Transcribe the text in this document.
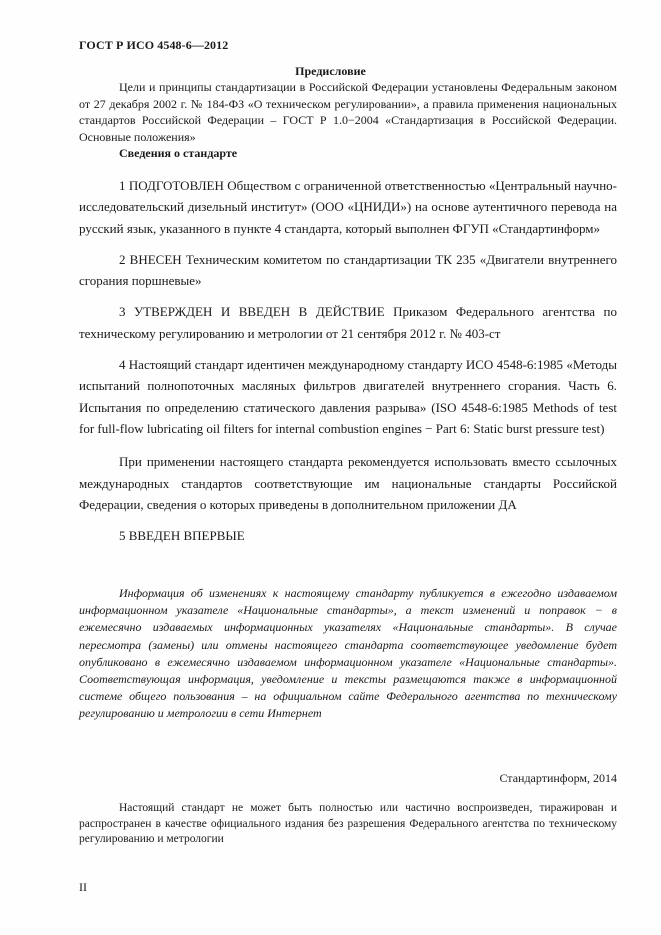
ГОСТ Р ИСО 4548-6—2012
Предисловие

Цели и принципы стандартизации в Российской Федерации установлены Федеральным законом от 27 декабря 2002 г. № 184-ФЗ «О техническом регулировании», а правила применения национальных стандартов Российской Федерации – ГОСТ Р 1.0−2004 «Стандартизация в Российской Федерации. Основные положения»

Сведения о стандарте

1 ПОДГОТОВЛЕН Обществом с ограниченной ответственностью «Центральный научно-исследовательский дизельный институт» (ООО «ЦНИДИ») на основе аутентичного перевода на русский язык, указанного в пункте 4 стандарта, который выполнен ФГУП «Стандартинформ»

2 ВНЕСЕН Техническим комитетом по стандартизации ТК 235 «Двигатели внутреннего сгорания поршневые»

3 УТВЕРЖДЕН И ВВЕДЕН В ДЕЙСТВИЕ Приказом Федерального агентства по техническому регулированию и метрологии от 21 сентября 2012 г. № 403-ст

4 Настоящий стандарт идентичен международному стандарту ИСО 4548-6:1985 «Методы испытаний полнопоточных масляных фильтров двигателей внутреннего сгорания. Часть 6. Испытания по определению статического давления разрыва» (ISO 4548-6:1985 Methods of test for full-flow lubricating oil filters for internal combustion engines − Part 6: Static burst pressure test)

При применении настоящего стандарта рекомендуется использовать вместо ссылочных международных стандартов соответствующие им национальные стандарты Российской Федерации, сведения о которых приведены в дополнительном приложении ДА

5 ВВЕДЕН ВПЕРВЫЕ

Информация об изменениях к настоящему стандарту публикуется в ежегодно издаваемом информационном указателе «Национальные стандарты», а текст изменений и поправок − в ежемесячно издаваемых информационных указателях «Национальные стандарты». В случае пересмотра (замены) или отмены настоящего стандарта соответствующее уведомление будет опубликовано в ежемесячно издаваемом информационном указателе «Национальные стандарты». Соответствующая информация, уведомление и тексты размещаются также в информационной системе общего пользования – на официальном сайте Федерального агентства по техническому регулированию и метрологии в сети Интернет

Стандартинформ, 2014

Настоящий стандарт не может быть полностью или частично воспроизведен, тиражирован и распространен в качестве официального издания без разрешения Федерального агентства по техническому регулированию и метрологии

II
